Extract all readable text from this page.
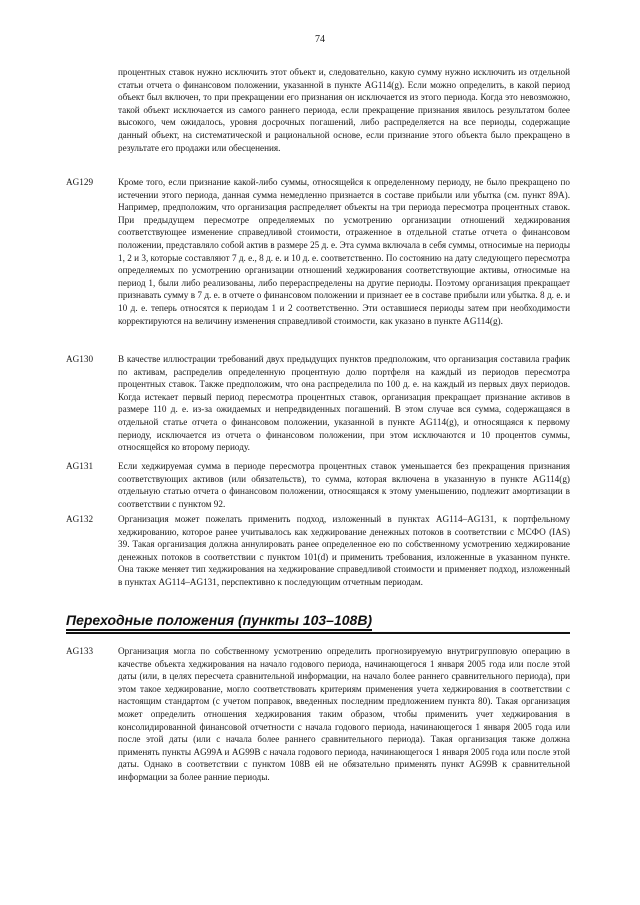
74
процентных ставок нужно исключить этот объект и, следовательно, какую сумму нужно исключить из отдельной статьи отчета о финансовом положении, указанной в пункте AG114(g). Если можно определить, в какой период объект был включен, то при прекращении его признания он исключается из этого периода. Когда это невозможно, такой объект исключается из самого раннего периода, если прекращение признания явилось результатом более высокого, чем ожидалось, уровня досрочных погашений, либо распределяется на все периоды, содержащие данный объект, на систематической и рациональной основе, если признание этого объекта было прекращено в результате его продажи или обесценения.
AG129	Кроме того, если признание какой-либо суммы, относящейся к определенному периоду, не было прекращено по истечении этого периода, данная сумма немедленно признается в составе прибыли или убытка (см. пункт 89А). Например, предположим, что организация распределяет объекты на три периода пересмотра процентных ставок. При предыдущем пересмотре определяемых по усмотрению организации отношений хеджирования соответствующее изменение справедливой стоимости, отраженное в отдельной статье отчета о финансовом положении, представляло собой актив в размере 25 д. е. Эта сумма включала в себя суммы, относимые на периоды 1, 2 и 3, которые составляют 7 д. е., 8 д. е. и 10 д. е. соответственно. По состоянию на дату следующего пересмотра определяемых по усмотрению организации отношений хеджирования соответствующие активы, относимые на период 1, были либо реализованы, либо перераспределены на другие периоды. Поэтому организация прекращает признавать сумму в 7 д. е. в отчете о финансовом положении и признает ее в составе прибыли или убытка. 8 д. е. и 10 д. е. теперь относятся к периодам 1 и 2 соответственно. Эти оставшиеся периоды затем при необходимости корректируются на величину изменения справедливой стоимости, как указано в пункте AG114(g).
AG130	В качестве иллюстрации требований двух предыдущих пунктов предположим, что организация составила график по активам, распределив определенную процентную долю портфеля на каждый из периодов пересмотра процентных ставок. Также предположим, что она распределила по 100 д. е. на каждый из первых двух периодов. Когда истекает первый период пересмотра процентных ставок, организация прекращает признание активов в размере 110 д. е. из-за ожидаемых и непредвиденных погашений. В этом случае вся сумма, содержащаяся в отдельной статье отчета о финансовом положении, указанной в пункте AG114(g), и относящаяся к первому периоду, исключается из отчета о финансовом положении, при этом исключаются и 10 процентов суммы, относящейся ко второму периоду.
AG131	Если хеджируемая сумма в периоде пересмотра процентных ставок уменьшается без прекращения признания соответствующих активов (или обязательств), то сумма, которая включена в указанную в пункте AG114(g) отдельную статью отчета о финансовом положении, относящаяся к этому уменьшению, подлежит амортизации в соответствии с пунктом 92.
AG132	Организация может пожелать применить подход, изложенный в пунктах AG114–AG131, к портфельному хеджированию, которое ранее учитывалось как хеджирование денежных потоков в соответствии с МСФО (IAS) 39. Такая организация должна аннулировать ранее определенное ею по собственному усмотрению хеджирование денежных потоков в соответствии с пунктом 101(d) и применить требования, изложенные в указанном пункте. Она также меняет тип хеджирования на хеджирование справедливой стоимости и применяет подход, изложенный в пунктах AG114–AG131, перспективно к последующим отчетным периодам.
Переходные положения (пункты 103–108В)
AG133	Организация могла по собственному усмотрению определить прогнозируемую внутригрупповую операцию в качестве объекта хеджирования на начало годового периода, начинающегося 1 января 2005 года или после этой даты (или, в целях пересчета сравнительной информации, на начало более раннего сравнительного периода), при этом такое хеджирование, могло соответствовать критериям применения учета хеджирования в соответствии с настоящим стандартом (с учетом поправок, введенных последним предложением пункта 80). Такая организация может определить отношения хеджирования таким образом, чтобы применить учет хеджирования в консолидированной финансовой отчетности с начала годового периода, начинающегося 1 января 2005 года или после этой даты (или с начала более раннего сравнительного периода). Такая организация также должна применять пункты AG99A и AG99B с начала годового периода, начинающегося 1 января 2005 года или после этой даты. Однако в соответствии с пунктом 108В ей не обязательно применять пункт AG99B к сравнительной информации за более ранние периоды.
